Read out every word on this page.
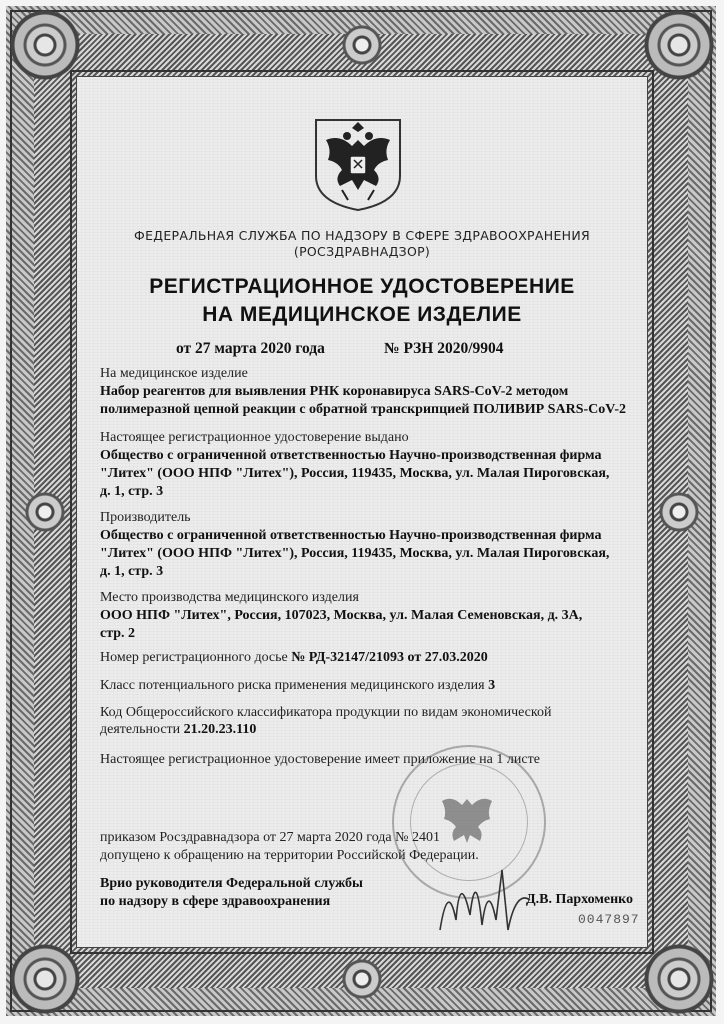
ФЕДЕРАЛЬНАЯ СЛУЖБА ПО НАДЗОРУ В СФЕРЕ ЗДРАВООХРАНЕНИЯ
(РОСЗДРАВНАДЗОР)
РЕГИСТРАЦИОННОЕ УДОСТОВЕРЕНИЕ
НА МЕДИЦИНСКОЕ ИЗДЕЛИЕ
от 27 марта 2020 года	№ РЗН 2020/9904
На медицинское изделие
Набор реагентов для выявления РНК коронавируса SARS-CoV-2 методом
полимеразной цепной реакции с обратной транскрипцией ПОЛИВИР SARS-CoV-2
Настоящее регистрационное удостоверение выдано
Общество с ограниченной ответственностью Научно-производственная фирма
"Литех" (ООО НПФ "Литех"), Россия, 119435, Москва, ул. Малая Пироговская,
д. 1, стр. 3
Производитель
Общество с ограниченной ответственностью Научно-производственная фирма
"Литех" (ООО НПФ "Литех"), Россия, 119435, Москва, ул. Малая Пироговская,
д. 1, стр. 3
Место производства медицинского изделия
ООО НПФ "Литех", Россия, 107023, Москва, ул. Малая Семеновская, д. 3А,
стр. 2
Номер регистрационного досье № РД-32147/21093 от 27.03.2020
Класс потенциального риска применения медицинского изделия 3
Код Общероссийского классификатора продукции по видам экономической
деятельности 21.20.23.110
Настоящее регистрационное удостоверение имеет приложение на 1 листе
приказом Росздравнадзора от 27 марта 2020 года № 2401
допущено к обращению на территории Российской Федерации.
Врио руководителя Федеральной службы
по надзору в сфере здравоохранения	Д.В. Пархоменко
0047897
